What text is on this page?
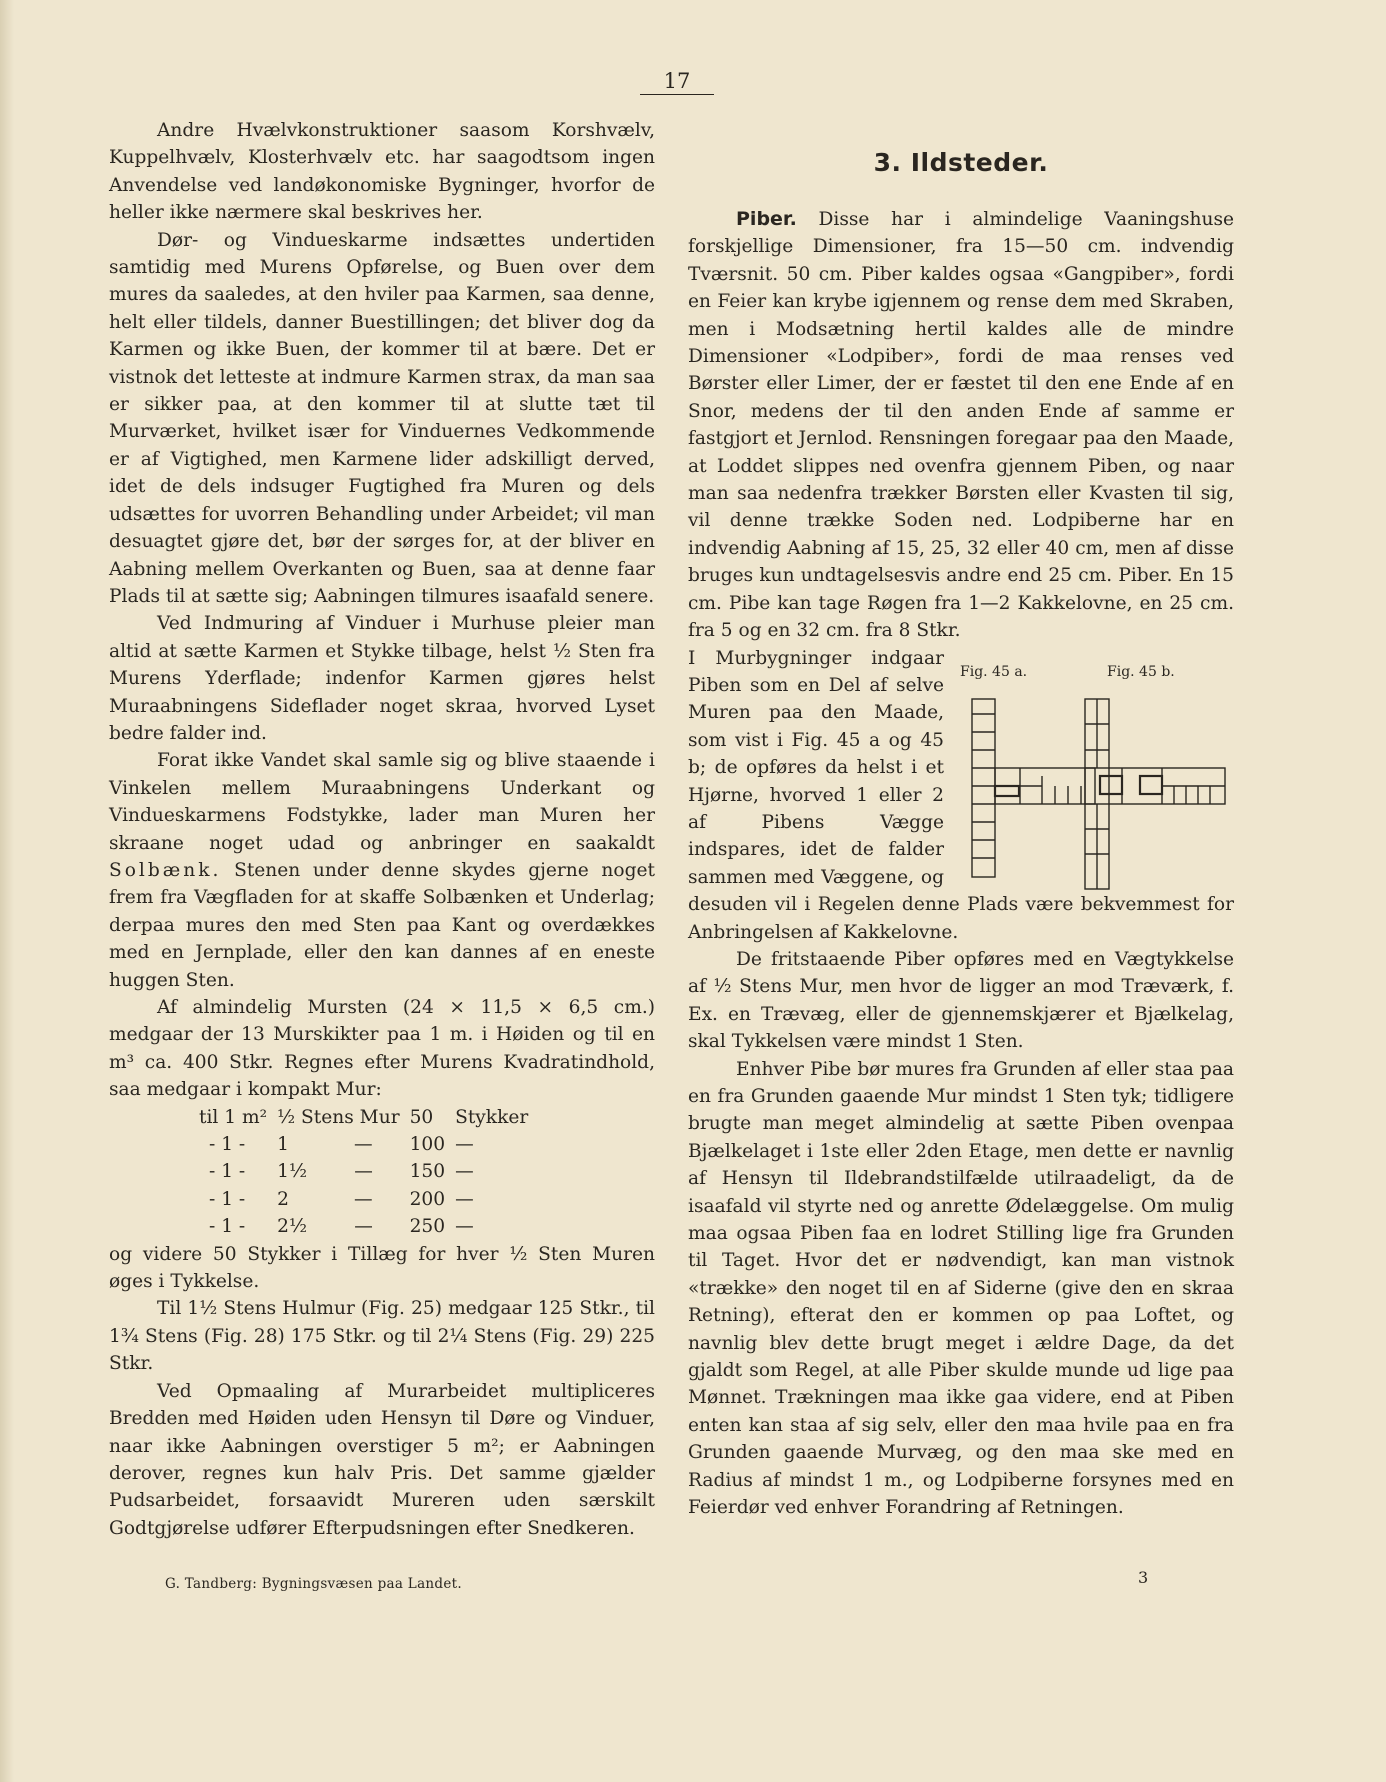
17

Andre Hvælvkonstruktioner saasom Korshvælv, Kuppelhvælv, Klosterhvælv etc. har saagodtsom ingen Anvendelse ved landøkonomiske Bygninger, hvorfor de heller ikke nærmere skal beskrives her.

Dør- og Vindueskarme indsættes undertiden samtidig med Murens Opførelse, og Buen over dem mures da saaledes, at den hviler paa Karmen, saa denne, helt eller tildels, danner Buestillingen; det bliver dog da Karmen og ikke Buen, der kommer til at bære. Det er vistnok det letteste at indmure Karmen strax, da man saa er sikker paa, at den kommer til at slutte tæt til Murværket, hvilket især for Vinduernes Vedkommende er af Vigtighed, men Karmene lider adskilligt derved, idet de dels indsuger Fugtighed fra Muren og dels udsættes for uvorren Behandling under Arbeidet; vil man desuagtet gjøre det, bør der sørges for, at der bliver en Aabning mellem Overkanten og Buen, saa at denne faar Plads til at sætte sig; Aabningen tilmures isaafald senere.

Ved Indmuring af Vinduer i Murhuse pleier man altid at sætte Karmen et Stykke tilbage, helst ½ Sten fra Murens Yderflade; indenfor Karmen gjøres helst Muraabningens Sideflader noget skraa, hvorved Lyset bedre falder ind.

Forat ikke Vandet skal samle sig og blive staaende i Vinkelen mellem Muraabningens Underkant og Vindueskarmens Fodstykke, lader man Muren her skraane noget udad og anbringer en saakaldt Solbænk. Stenen under denne skydes gjerne noget frem fra Vægfladen for at skaffe Solbænken et Underlag; derpaa mures den med Sten paa Kant og overdækkes med en Jernplade, eller den kan dannes af en eneste huggen Sten.

Af almindelig Mursten (24 × 11,5 × 6,5 cm.) medgaar der 13 Murskikter paa 1 m. i Høiden og til en m³ ca. 400 Stkr. Regnes efter Murens Kvadratindhold, saa medgaar i kompakt Mur:

til 1 m²	½ Stens Mur	50	Stykker
- 1 -	1 —	100	—
- 1 -	1½ —	150	—
- 1 -	2 —	200	—
- 1 -	2½ —	250	—

og videre 50 Stykker i Tillæg for hver ½ Sten Muren øges i Tykkelse.

Til 1½ Stens Hulmur (Fig. 25) medgaar 125 Stkr., til 1¾ Stens (Fig. 28) 175 Stkr. og til 2¼ Stens (Fig. 29) 225 Stkr.

Ved Opmaaling af Murarbeidet multipliceres Bredden med Høiden uden Hensyn til Døre og Vinduer, naar ikke Aabningen overstiger 5 m²; er Aabningen derover, regnes kun halv Pris. Det samme gjælder Pudsarbeidet, forsaavidt Mureren uden særskilt Godtgjørelse udfører Efterpudsningen efter Snedkeren.

G. Tandberg: Bygningsvæsen paa Landet.
3. Ildsteder.

Piber. Disse har i almindelige Vaaningshuse forskjellige Dimensioner, fra 15—50 cm. indvendig Tværsnit. 50 cm. Piber kaldes ogsaa «Gangpiber», fordi en Feier kan krybe igjennem og rense dem med Skraben, men i Modsætning hertil kaldes alle de mindre Dimensioner «Lodpiber», fordi de maa renses ved Børster eller Limer, der er fæstet til den ene Ende af en Snor, medens der til den anden Ende af samme er fastgjort et Jernlod. Rensningen foregaar paa den Maade, at Loddet slippes ned ovenfra gjennem Piben, og naar man saa nedenfra trækker Børsten eller Kvasten til sig, vil denne trække Soden ned. Lodpiberne har en indvendig Aabning af 15, 25, 32 eller 40 cm, men af disse bruges kun undtagelsesvis andre end 25 cm. Piber. En 15 cm. Pibe kan tage Røgen fra 1—2 Kakkelovne, en 25 cm. fra 5 og en 32 cm. fra 8 Stkr.

I Murbygninger indgaar Piben som en Del af selve Muren paa den Maade, som vist i Fig. 45 a og 45 b; de opføres da helst i et Hjørne, hvorved 1 eller 2 af Pibens Vægge indspares, idet de falder sammen med Væggene, og desuden vil i Regelen denne Plads være bekvemmest for Anbringelsen af Kakkelovne.

De fritstaaende Piber opføres med en Vægtykkelse af ½ Stens Mur, men hvor de ligger an mod Træværk, f. Ex. en Trævæg, eller de gjennemskjærer et Bjælkelag, skal Tykkelsen være mindst 1 Sten.

Enhver Pibe bør mures fra Grunden af eller staa paa en fra Grunden gaaende Mur mindst 1 Sten tyk; tidligere brugte man meget almindelig at sætte Piben ovenpaa Bjælkelaget i 1ste eller 2den Etage, men dette er navnlig af Hensyn til Ildebrandstilfælde utilraadeligt, da de isaafald vil styrte ned og anrette Ødelæggelse. Om mulig maa ogsaa Piben faa en lodret Stilling lige fra Grunden til Taget. Hvor det er nødvendigt, kan man vistnok «trække» den noget til en af Siderne (give den en skraa Retning), efterat den er kommen op paa Loftet, og navnlig blev dette brugt meget i ældre Dage, da det gjaldt som Regel, at alle Piber skulde munde ud lige paa Mønnet. Trækningen maa ikke gaa videre, end at Piben enten kan staa af sig selv, eller den maa hvile paa en fra Grunden gaaende Murvæg, og den maa ske med en Radius af mindst 1 m., og Lodpiberne forsynes med en Feierdør ved enhver Forandring af Retningen.

Fig. 45 a.	Fig. 45 b.
3
